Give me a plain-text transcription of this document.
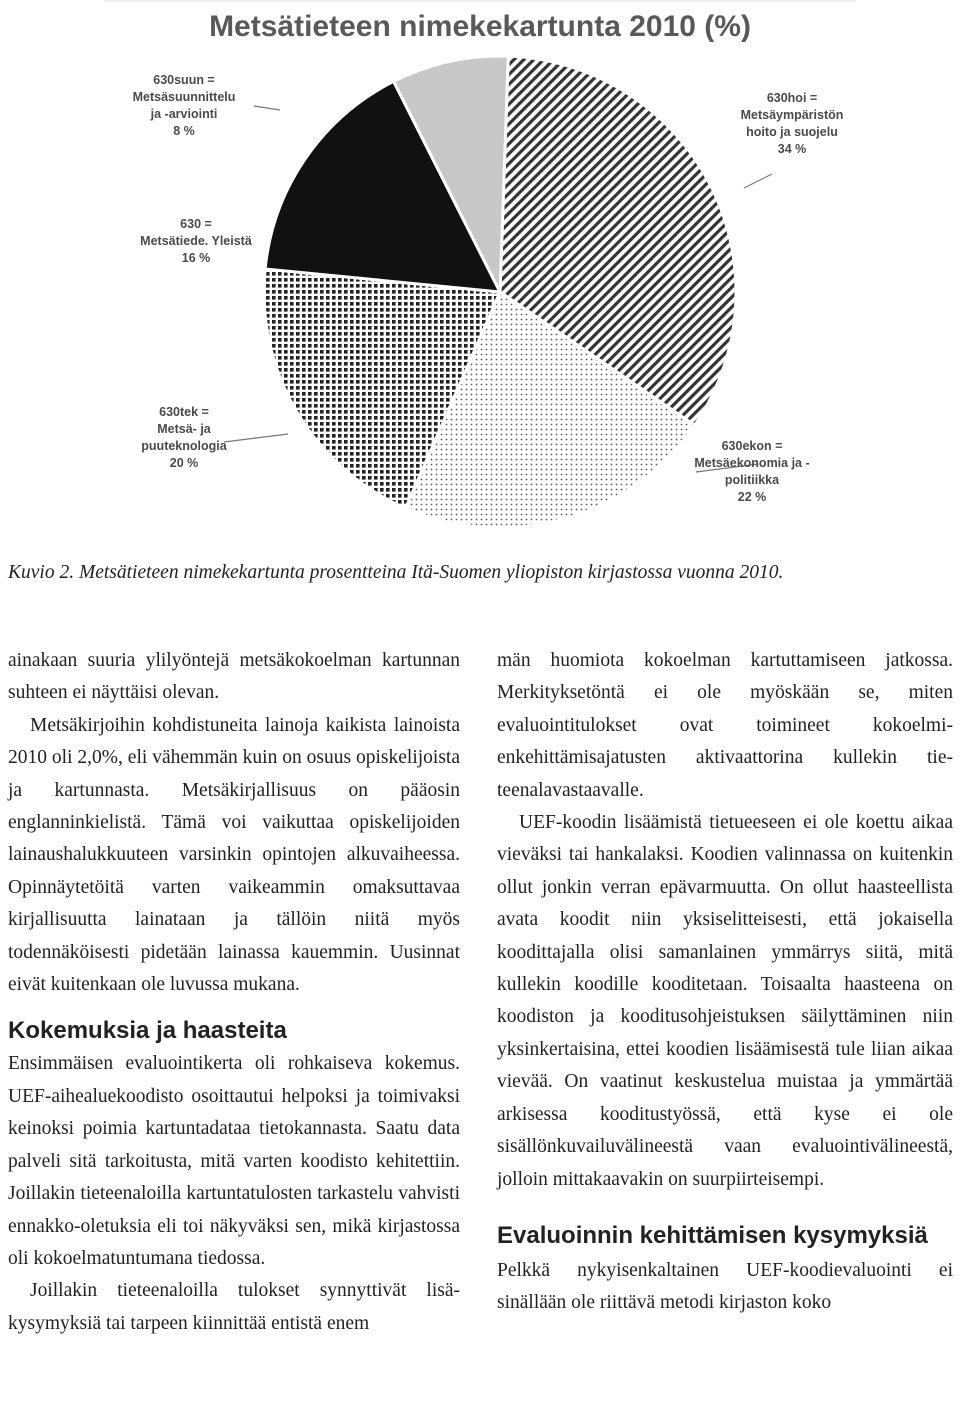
Metsätieteen nimekekartunta 2010 (%)
630hoi = Metsäympäristön hoito ja suojelu 34 %
630ekon = Metsäekonomia ja -politiikka 22 %
630tek = Metsä- ja puuteknologia 20 %
630 = Metsätiede. Yleistä 16 %
630suun = Metsäsuunnittelu ja -arviointi 8 %
Kuvio 2. Metsätieteen nimekekartunta prosentteina Itä-Suomen yliopiston kirjastossa vuonna 2010.

ainakaan suuria ylilyöntejä metsäkokoelman kartunnan suhteen ei näyttäisi olevan.

Metsäkirjoihin kohdistuneita lainoja kaikista lainoista 2010 oli 2,0%, eli vähemmän kuin on osuus opiskelijoista ja kartunnasta. Metsäkirjallisuus on pääosin englanninkielistä. Tämä voi vaikuttaa opiskelijoiden lainaushalukkuuteen varsinkin opintojen alkuvaiheessa. Opinnäytetöitä varten vaikeammin omaksuttavaa kirjallisuutta lainataan ja tällöin niitä myös todennäköisesti pidetään lainassa kauemmin. Uusinnat eivät kuitenkaan ole luvussa mukana.

Kokemuksia ja haasteita

Ensimmäisen evaluointikerta oli rohkaiseva kokemus. UEF-aihealuekoodisto osoittautui helpoksi ja toimivaksi keinoksi poimia kartuntadataa tietokannasta. Saatu data palveli sitä tarkoitusta, mitä varten koodisto kehitettiin. Joillakin tieteenaloilla kartuntatulosten tarkastelu vahvisti ennakko-oletuksia eli toi näkyväksi sen, mikä kirjastossa oli kokoelmatuntumana tiedossa.

Joillakin tieteenaloilla tulokset synnyttivät lisäkysymyksiä tai tarpeen kiinnittää entistä enem

män huomiota kokoelman kartuttamiseen jatkossa. Merkityksetöntä ei ole myöskään se, miten evaluointitulokset ovat toimineet kokoelmienkehittämisajatusten aktivaattorina kullekin tieteenalavastaavalle.

UEF-koodin lisäämistä tietueeseen ei ole koettu aikaa vieväksi tai hankalaksi. Koodien valinnassa on kuitenkin ollut jonkin verran epävarmuutta. On ollut haasteellista avata koodit niin yksiselitteisesti, että jokaisella koodittajalla olisi samanlainen ymmärrys siitä, mitä kullekin koodille kooditetaan. Toisaalta haasteena on koodiston ja kooditusohjeistuksen säilyttäminen niin yksinkertaisina, ettei koodien lisäämisestä tule liian aikaa vievää. On vaatinut keskustelua muistaa ja ymmärtää arkisessa kooditustyössä, että kyse ei ole sisällönkuvailuvälineestä vaan evaluointivälineestä, jolloin mittakaavakin on suurpiirteisempi.

Evaluoinnin kehittämisen kysymyksiä

Pelkkä nykyisenkaltainen UEF-koodievaluointi ei sinällään ole riittävä metodi kirjaston koko
